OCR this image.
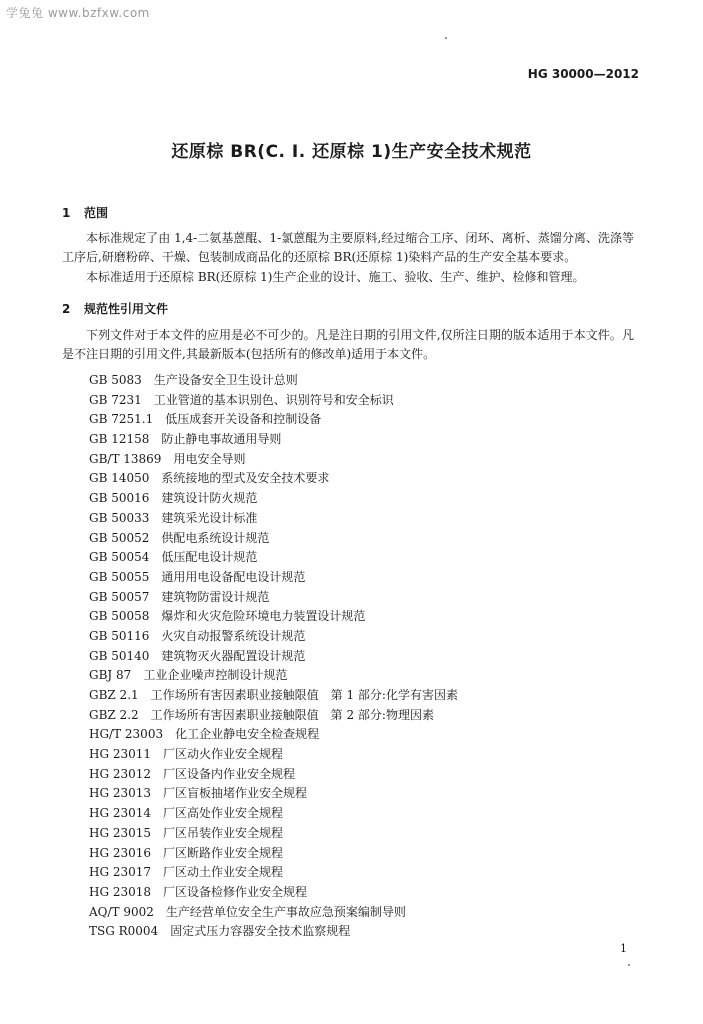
学兔兔 www.bzfxw.com
HG 30000—2012
还原棕 BR(C. I. 还原棕 1)生产安全技术规范
1 范围
本标准规定了由 1,4-二氨基蒽醌、1-氯蒽醌为主要原料,经过缩合工序、闭环、离析、蒸馏分离、洗涤等工序后,研磨粉碎、干燥、包装制成商品化的还原棕 BR(还原棕 1)染料产品的生产安全基本要求。
本标准适用于还原棕 BR(还原棕 1)生产企业的设计、施工、验收、生产、维护、检修和管理。
2 规范性引用文件
下列文件对于本文件的应用是必不可少的。凡是注日期的引用文件,仅所注日期的版本适用于本文件。凡是不注日期的引用文件,其最新版本(包括所有的修改单)适用于本文件。
GB 5083 生产设备安全卫生设计总则
GB 7231 工业管道的基本识别色、识别符号和安全标识
GB 7251.1 低压成套开关设备和控制设备
GB 12158 防止静电事故通用导则
GB/T 13869 用电安全导则
GB 14050 系统接地的型式及安全技术要求
GB 50016 建筑设计防火规范
GB 50033 建筑采光设计标准
GB 50052 供配电系统设计规范
GB 50054 低压配电设计规范
GB 50055 通用用电设备配电设计规范
GB 50057 建筑物防雷设计规范
GB 50058 爆炸和火灾危险环境电力装置设计规范
GB 50116 火灾自动报警系统设计规范
GB 50140 建筑物灭火器配置设计规范
GBJ 87 工业企业噪声控制设计规范
GBZ 2.1 工作场所有害因素职业接触限值　第 1 部分:化学有害因素
GBZ 2.2 工作场所有害因素职业接触限值　第 2 部分:物理因素
HG/T 23003 化工企业静电安全检查规程
HG 23011 厂区动火作业安全规程
HG 23012 厂区设备内作业安全规程
HG 23013 厂区盲板抽堵作业安全规程
HG 23014 厂区高处作业安全规程
HG 23015 厂区吊装作业安全规程
HG 23016 厂区断路作业安全规程
HG 23017 厂区动土作业安全规程
HG 23018 厂区设备检修作业安全规程
AQ/T 9002 生产经营单位安全生产事故应急预案编制导则
TSG R0004 固定式压力容器安全技术监察规程
1
